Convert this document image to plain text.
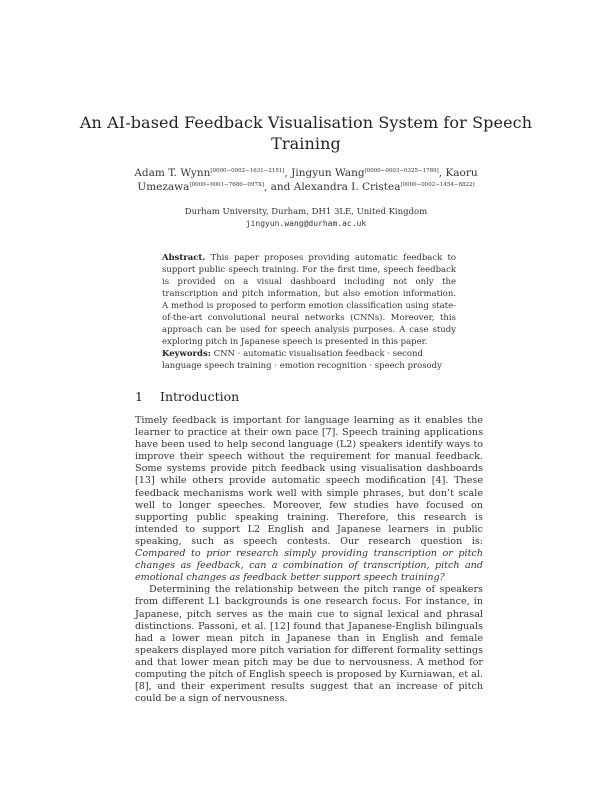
An AI-based Feedback Visualisation System for Speech Training
Adam T. Wynn[0000−0002−1631−2151], Jingyun Wang[0000−0003−0325−1789], Kaoru Umezawa[0000−0001−7686−097X], and Alexandra I. Cristea[0000−0002−1454−8822]
Durham University, Durham, DH1 3LE, United Kingdom
jingyun.wang@durham.ac.uk
Abstract. This paper proposes providing automatic feedback to support public speech training. For the first time, speech feedback is provided on a visual dashboard including not only the transcription and pitch information, but also emotion information. A method is proposed to perform emotion classification using state-of-the-art convolutional neural networks (CNNs). Moreover, this approach can be used for speech analysis purposes. A case study exploring pitch in Japanese speech is presented in this paper.
Keywords: CNN · automatic visualisation feedback · second language speech training · emotion recognition · speech prosody
1 Introduction

Timely feedback is important for language learning as it enables the learner to practice at their own pace [7]. Speech training applications have been used to help second language (L2) speakers identify ways to improve their speech without the requirement for manual feedback. Some systems provide pitch feedback using visualisation dashboards [13] while others provide automatic speech modification [4]. These feedback mechanisms work well with simple phrases, but don’t scale well to longer speeches. Moreover, few studies have focused on supporting public speaking training. Therefore, this research is intended to support L2 English and Japanese learners in public speaking, such as speech contests. Our research question is: Compared to prior research simply providing transcription or pitch changes as feedback, can a combination of transcription, pitch and emotional changes as feedback better support speech training?

Determining the relationship between the pitch range of speakers from different L1 backgrounds is one research focus. For instance, in Japanese, pitch serves as the main cue to signal lexical and phrasal distinctions. Passoni, et al. [12] found that Japanese-English bilinguals had a lower mean pitch in Japanese than in English and female speakers displayed more pitch variation for different formality settings and that lower mean pitch may be due to nervousness. A method for computing the pitch of English speech is proposed by Kurniawan, et al. [8], and their experiment results suggest that an increase of pitch could be a sign of nervousness.
